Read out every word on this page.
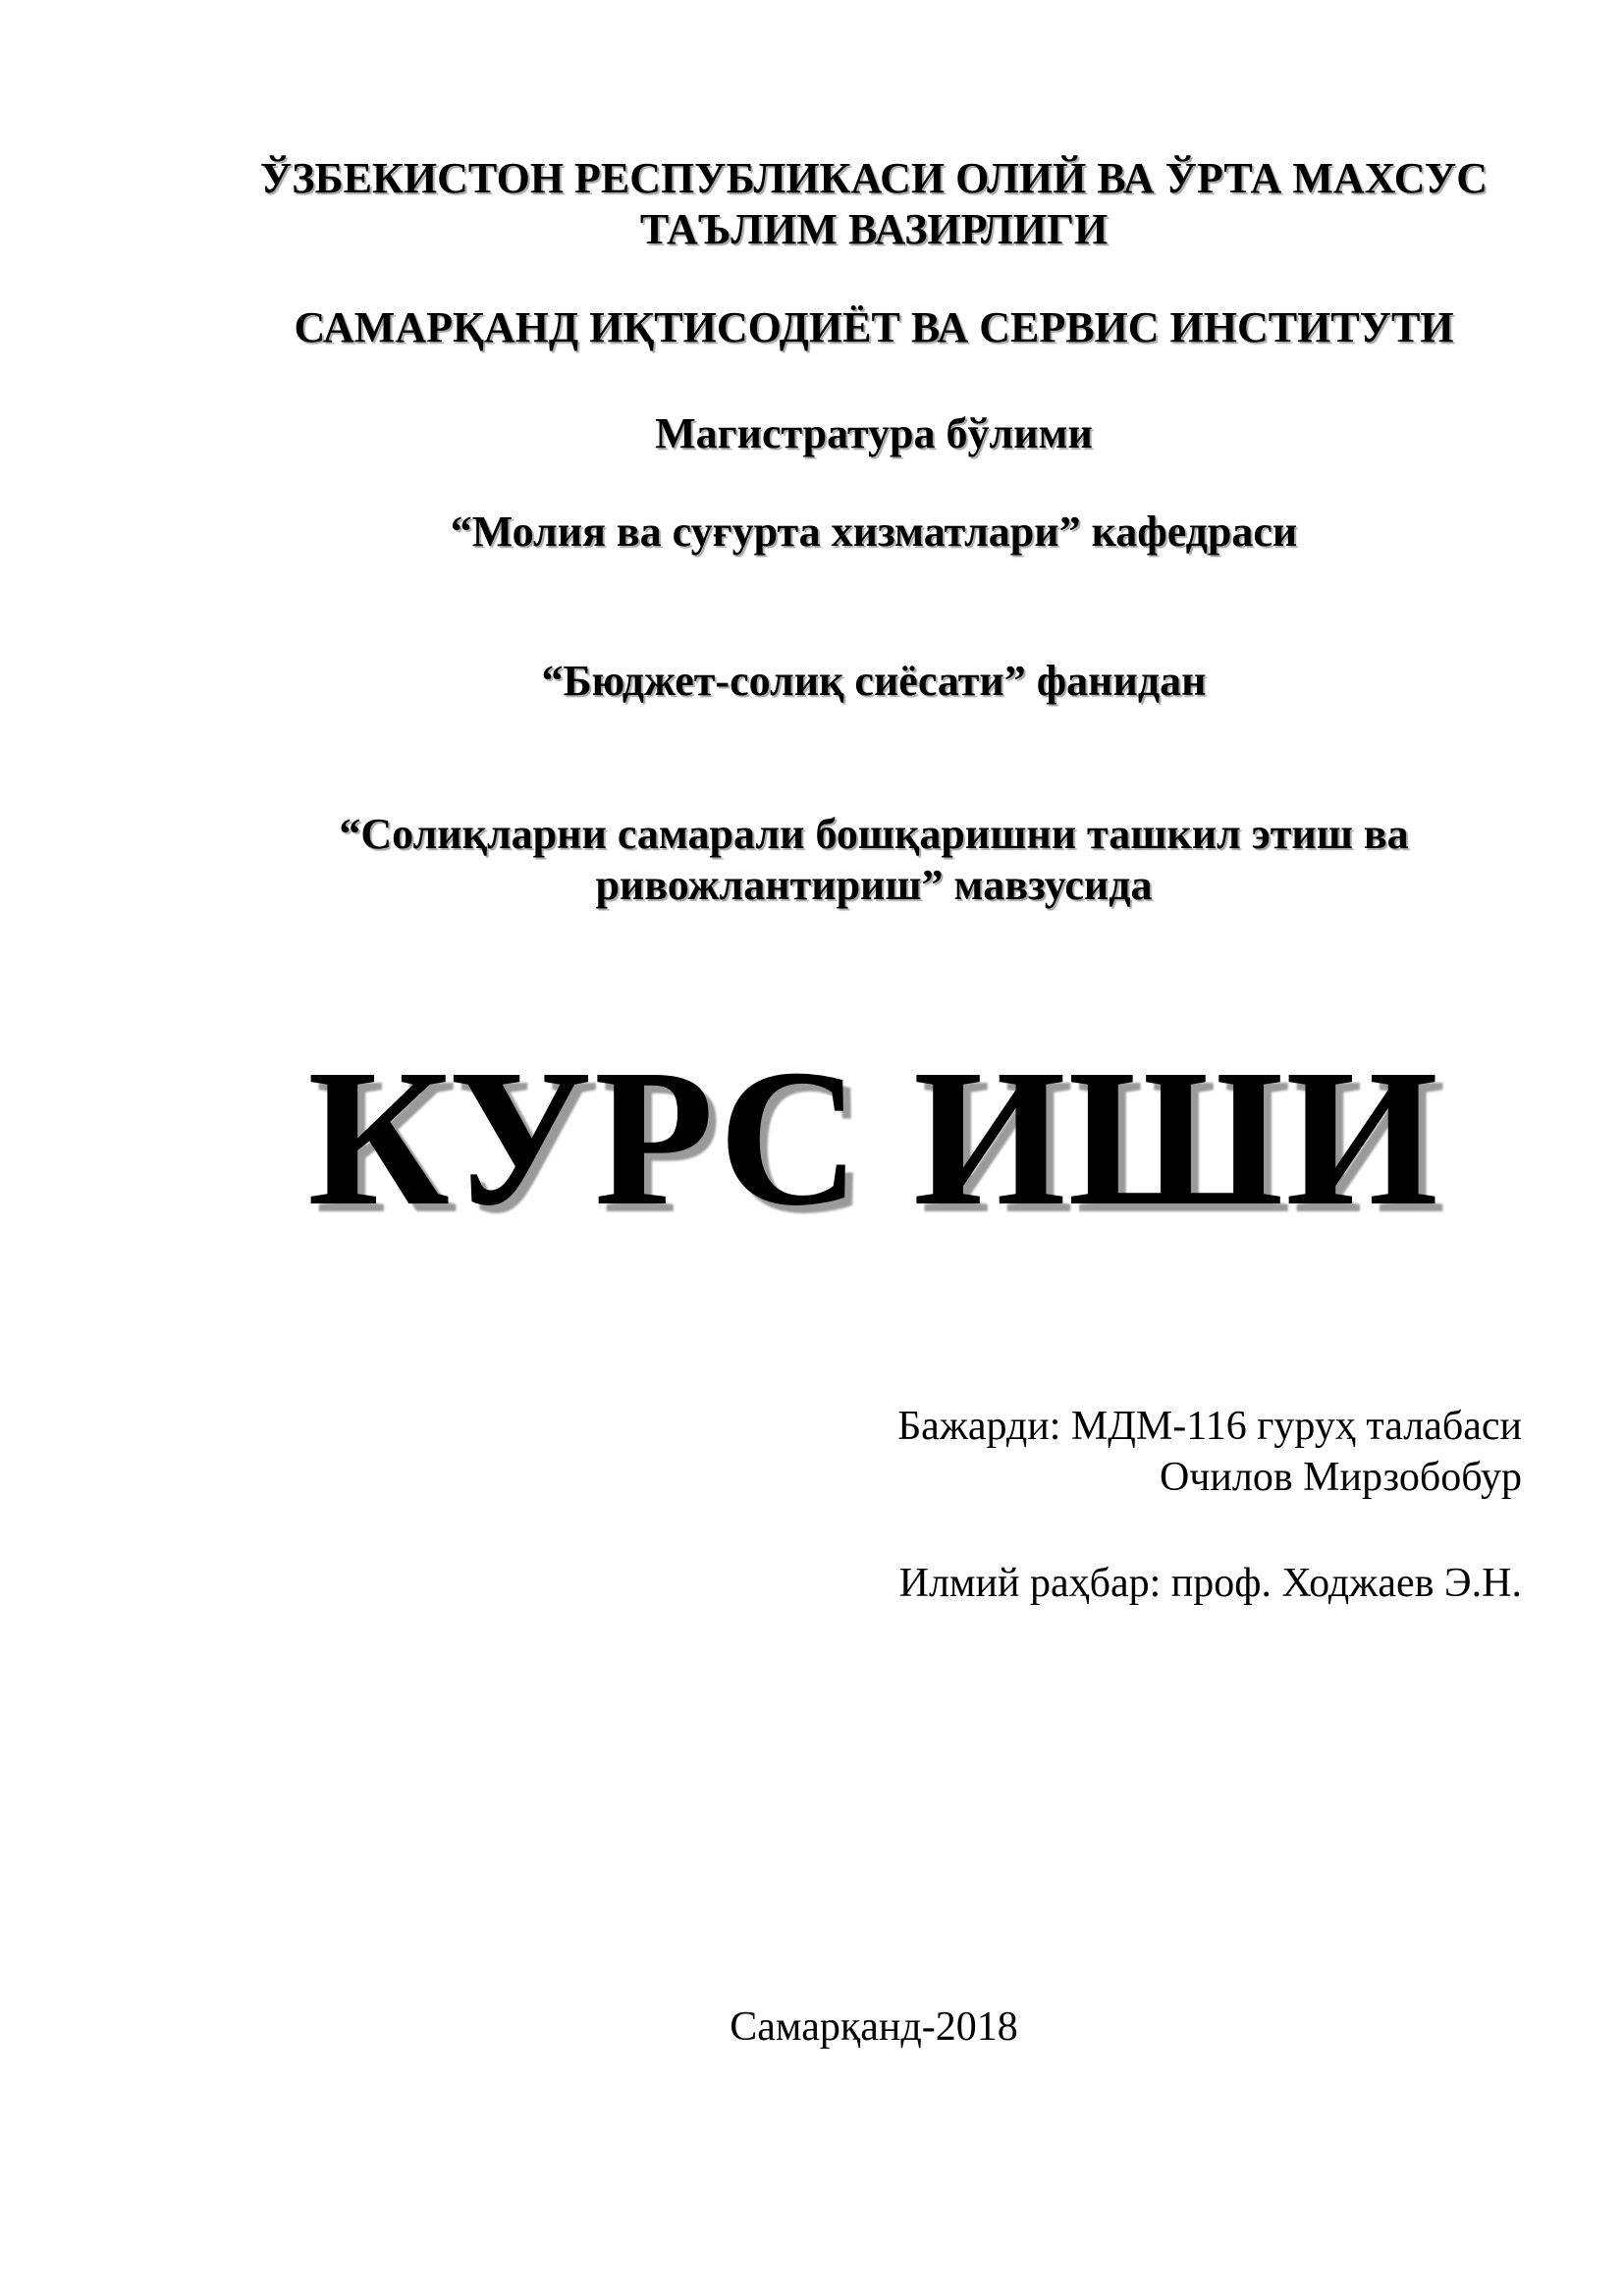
ЎЗБЕКИСТОН РЕСПУБЛИКАСИ ОЛИЙ ВА ЎРТА МАХСУС
ТАЪЛИМ ВАЗИРЛИГИ
САМАРҚАНД ИҚТИСОДИЁТ ВА СЕРВИС ИНСТИТУТИ
Магистратура бўлими
“Молия ва суғурта хизматлари” кафедраси
“Бюджет-солиқ сиёсати” фанидан
“Солиқларни самарали бошқаришни ташкил этиш ва
ривожлантириш” мавзусида
КУРС ИШИ
Бажарди: МДМ-116 гуруҳ талабаси
Очилов Мирзобобур
Илмий раҳбар: проф. Ходжаев Э.Н.
Самарқанд-2018
